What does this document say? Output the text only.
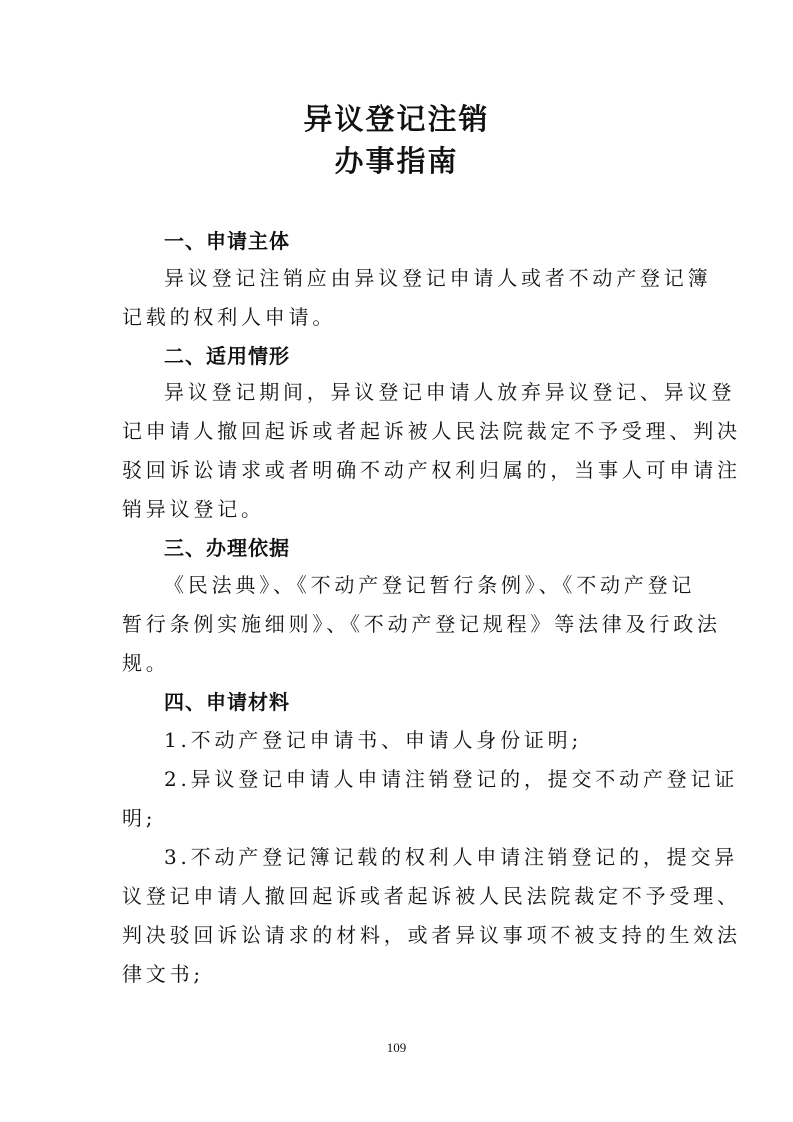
异议登记注销
办事指南
一、申请主体

异议登记注销应由异议登记申请人或者不动产登记簿

记载的权利人申请。

二、适用情形

异议登记期间，异议登记申请人放弃异议登记、异议登

记申请人撤回起诉或者起诉被人民法院裁定不予受理、判决

驳回诉讼请求或者明确不动产权利归属的，当事人可申请注

销异议登记。

三、办理依据

《民法典》、《不动产登记暂行条例》、《不动产登记

暂行条例实施细则》、《不动产登记规程》等法律及行政法

规。

四、申请材料

1.不动产登记申请书、申请人身份证明;

2.异议登记申请人申请注销登记的，提交不动产登记证

明;

3.不动产登记簿记载的权利人申请注销登记的，提交异

议登记申请人撤回起诉或者起诉被人民法院裁定不予受理、

判决驳回诉讼请求的材料，或者异议事项不被支持的生效法

律文书;

109
